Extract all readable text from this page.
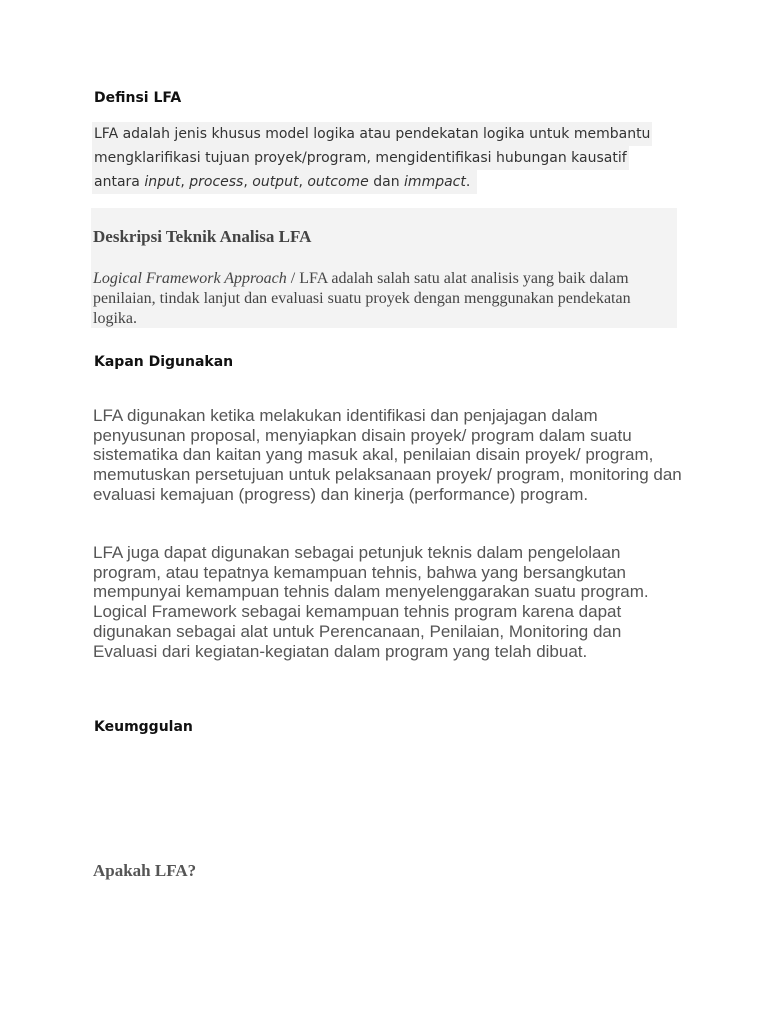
Definsi LFA
LFA adalah jenis khusus model logika atau pendekatan logika untuk membantu
mengklarifikasi tujuan proyek/program, mengidentifikasi hubungan kausatif
antara input, process, output, outcome dan immpact.
Deskripsi Teknik Analisa LFA

Logical Framework Approach / LFA adalah salah satu alat analisis yang baik dalam penilaian, tindak lanjut dan evaluasi suatu proyek dengan menggunakan pendekatan logika.

Kapan Digunakan

LFA digunakan ketika melakukan identifikasi dan penjajagan dalam penyusunan proposal, menyiapkan disain proyek/ program dalam suatu sistematika dan kaitan yang masuk akal, penilaian disain proyek/ program, memutuskan persetujuan untuk pelaksanaan proyek/ program, monitoring dan evaluasi kemajuan (progress) dan kinerja (performance) program.

LFA juga dapat digunakan sebagai petunjuk teknis dalam pengelolaan program, atau tepatnya kemampuan tehnis, bahwa yang bersangkutan mempunyai kemampuan tehnis dalam menyelenggarakan suatu program. Logical Framework sebagai kemampuan tehnis program karena dapat digunakan sebagai alat untuk Perencanaan, Penilaian, Monitoring dan Evaluasi dari kegiatan-kegiatan dalam program yang telah dibuat.

Keumggulan
Apakah LFA?
